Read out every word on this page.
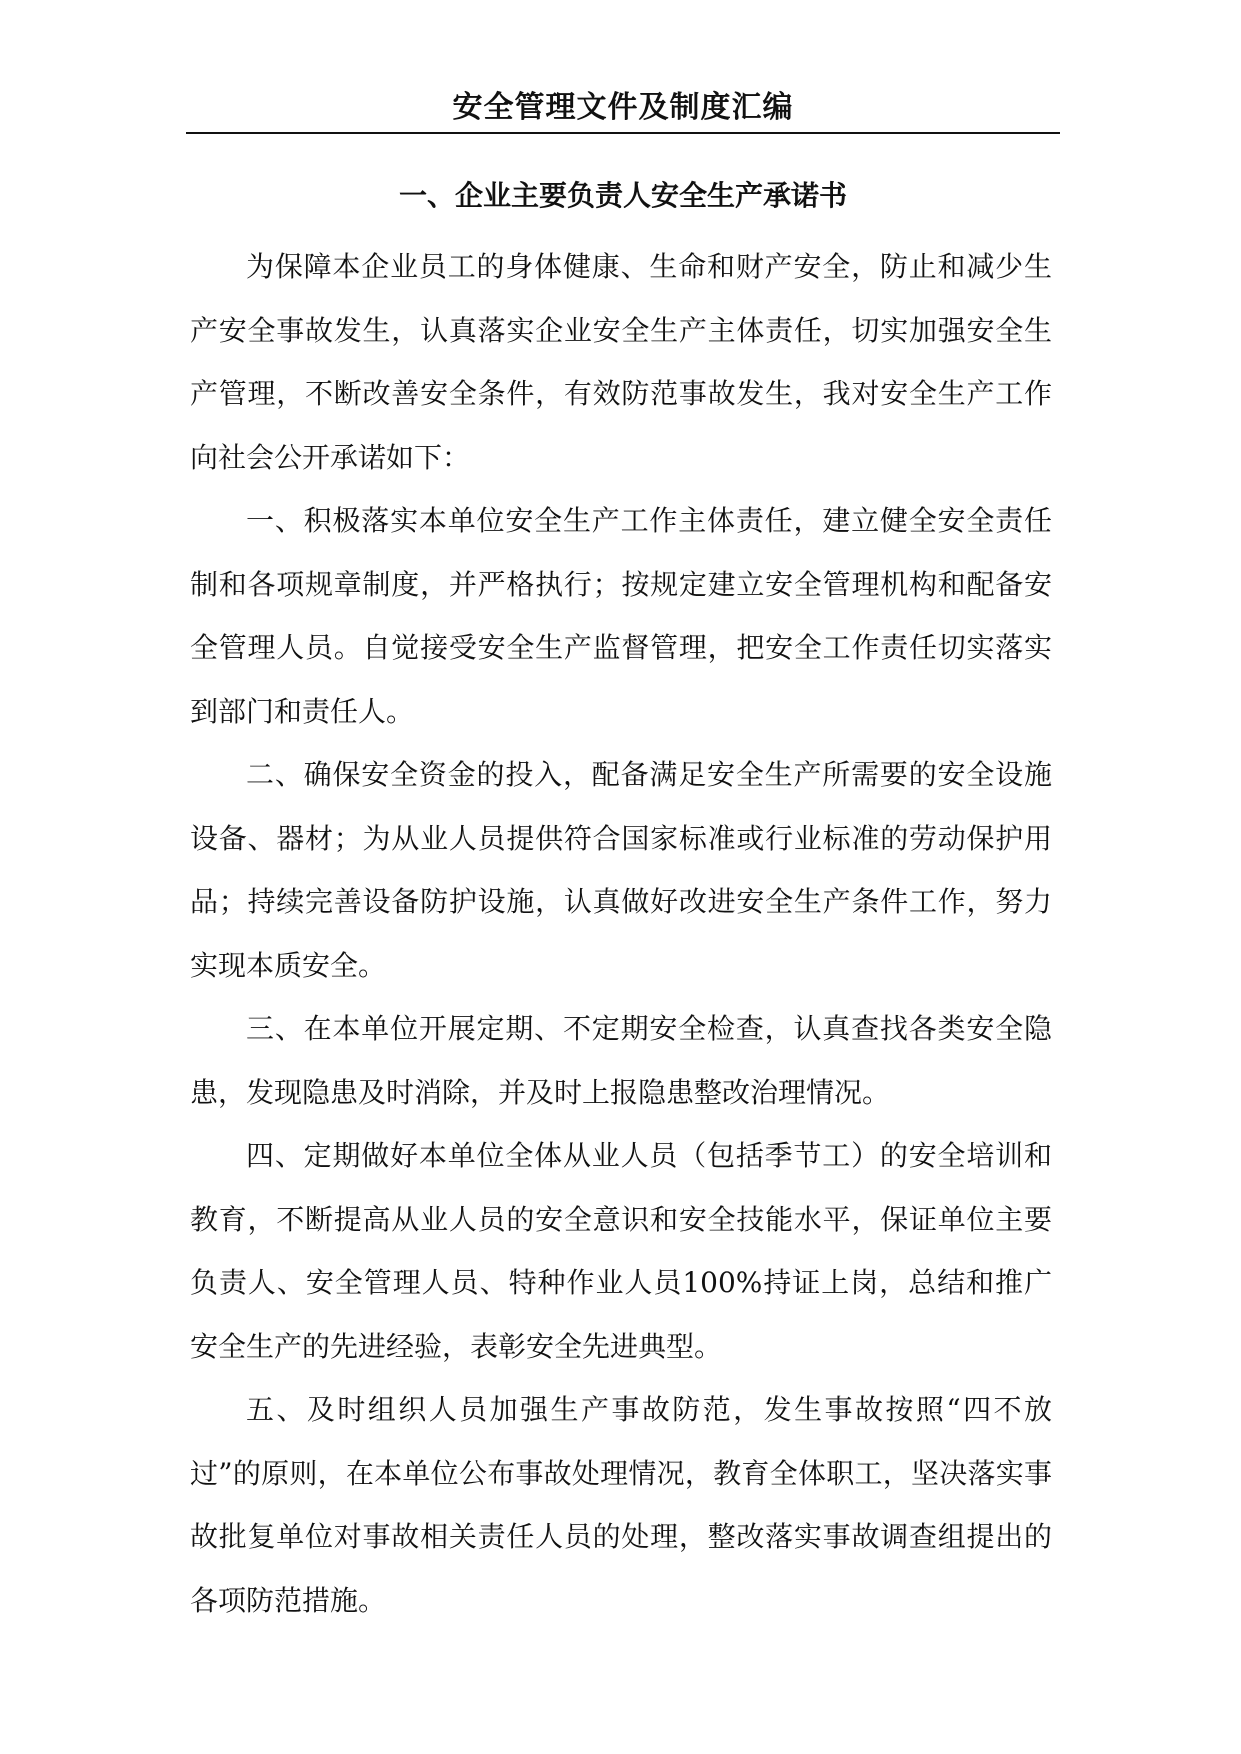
安全管理文件及制度汇编
一、企业主要负责人安全生产承诺书

为保障本企业员工的身体健康、生命和财产安全，防止和减少生产安全事故发生，认真落实企业安全生产主体责任，切实加强安全生产管理，不断改善安全条件，有效防范事故发生，我对安全生产工作向社会公开承诺如下：

一、积极落实本单位安全生产工作主体责任，建立健全安全责任制和各项规章制度，并严格执行；按规定建立安全管理机构和配备安全管理人员。自觉接受安全生产监督管理，把安全工作责任切实落实到部门和责任人。

二、确保安全资金的投入，配备满足安全生产所需要的安全设施设备、器材；为从业人员提供符合国家标准或行业标准的劳动保护用品；持续完善设备防护设施，认真做好改进安全生产条件工作，努力实现本质安全。

三、在本单位开展定期、不定期安全检查，认真查找各类安全隐患，发现隐患及时消除，并及时上报隐患整改治理情况。

四、定期做好本单位全体从业人员（包括季节工）的安全培训和教育，不断提高从业人员的安全意识和安全技能水平，保证单位主要负责人、安全管理人员、特种作业人员100%持证上岗，总结和推广安全生产的先进经验，表彰安全先进典型。

五、及时组织人员加强生产事故防范，发生事故按照“四不放过”的原则，在本单位公布事故处理情况，教育全体职工，坚决落实事故批复单位对事故相关责任人员的处理，整改落实事故调查组提出的各项防范措施。
